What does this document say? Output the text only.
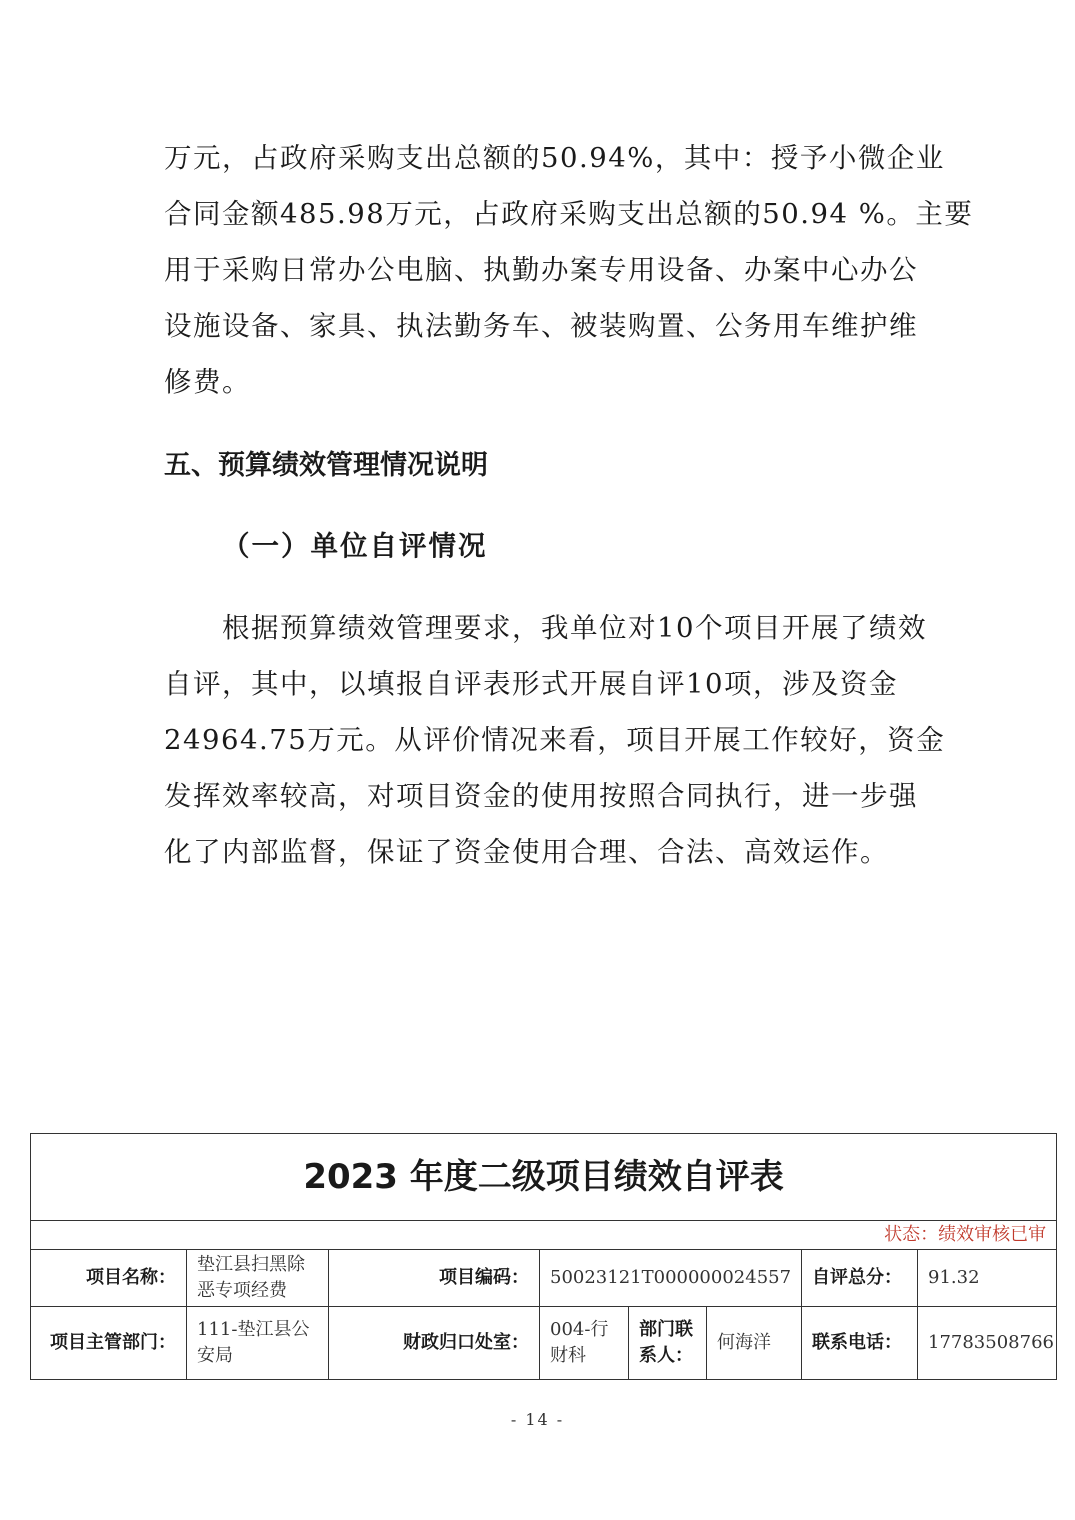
万元，占政府采购支出总额的50.94%，其中：授予小微企业
合同金额485.98万元，占政府采购支出总额的50.94 %。主要
用于采购日常办公电脑、执勤办案专用设备、办案中心办公
设施设备、家具、执法勤务车、被装购置、公务用车维护维
修费。
五、预算绩效管理情况说明
（一）单位自评情况
根据预算绩效管理要求，我单位对10个项目开展了绩效
自评，其中，以填报自评表形式开展自评10项，涉及资金
24964.75万元。从评价情况来看，项目开展工作较好，资金
发挥效率较高，对项目资金的使用按照合同执行，进一步强
化了内部监督，保证了资金使用合理、合法、高效运作。
2023 年度二级项目绩效自评表							
状态：绩效审核已审							
项目名称：	垫江县扫黑除恶专项经费	项目编码：	50023121T000000024557			自评总分：	91.32
项目主管部门：	111-垫江县公安局	财政归口处室：	004-行财科	部门联系人：	何海洋	联系电话：	17783508766
- 14 -
